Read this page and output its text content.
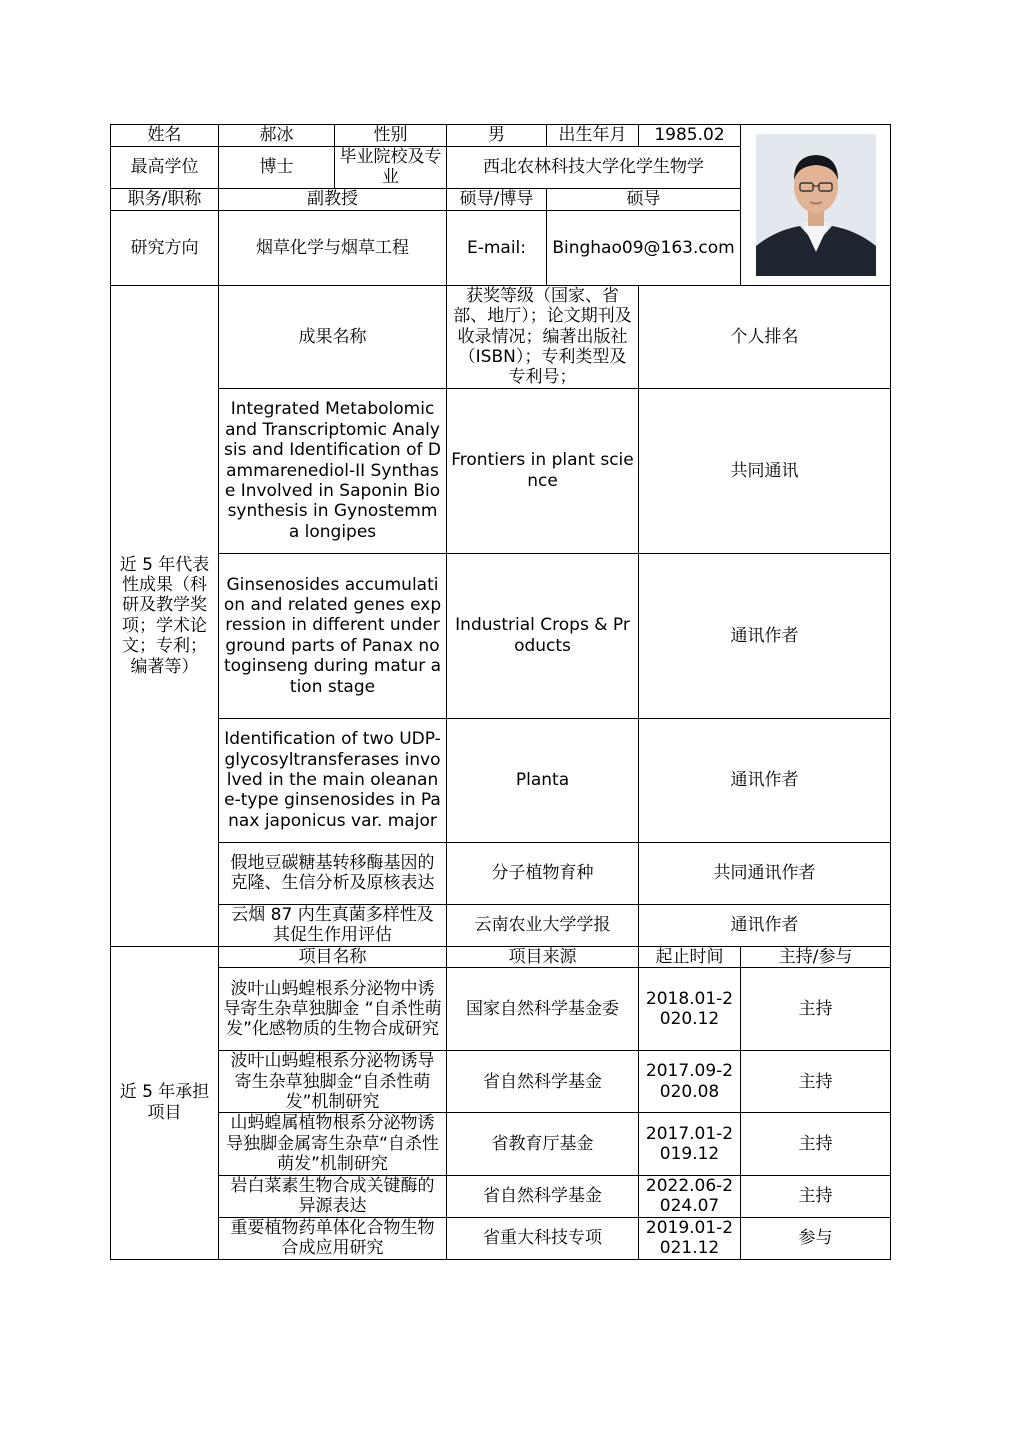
姓名	郝冰	性别	男	出生年月	1985.02	

最高学位	博士	毕业院校及专业	西北农林科技大学化学生物学			
职务/职称	副教授		硕导/博导	硕导		
研究方向	烟草化学与烟草工程		E-mail:	Binghao09@163.com		
近 5 年代表性成果（科研及教学奖项；学术论文；专利；编著等）	成果名称		获奖等级（国家、省部、地厅）；论文期刊及收录情况；编著出版社（ISBN）；专利类型及专利号；		个人排名	
	Integrated Metabolomic and Transcriptomic Analysis and Identification of Dammarenediol-II Synthase Involved in Saponin Biosynthesis in Gynostemma longipes		Frontiers in plant science		共同通讯	
	Ginsenosides accumulation and related genes expression in different underground parts of Panax notoginseng during matur ation stage		Industrial Crops & Products		通讯作者	
	Identification of two UDP-glycosyltransferases involved in the main oleanane-type ginsenosides in Panax japonicus var. major		Planta		通讯作者	
	假地豆碳糖基转移酶基因的克隆、生信分析及原核表达		分子植物育种		共同通讯作者	
	云烟 87 内生真菌多样性及其促生作用评估		云南农业大学学报		通讯作者	
近 5 年承担项目	项目名称		项目来源		起止时间	主持/参与
	波叶山蚂蝗根系分泌物中诱导寄生杂草独脚金 “自杀性萌发”化感物质的生物合成研究		国家自然科学基金委		2018.01-2020.12	主持
	波叶山蚂蝗根系分泌物诱导寄生杂草独脚金“自杀性萌发”机制研究		省自然科学基金		2017.09-2020.08	主持
	山蚂蝗属植物根系分泌物诱导独脚金属寄生杂草“自杀性萌发”机制研究		省教育厅基金		2017.01-2019.12	主持
	岩白菜素生物合成关键酶的异源表达		省自然科学基金		2022.06-2024.07	主持
	重要植物药单体化合物生物合成应用研究		省重大科技专项		2019.01-2021.12	参与
